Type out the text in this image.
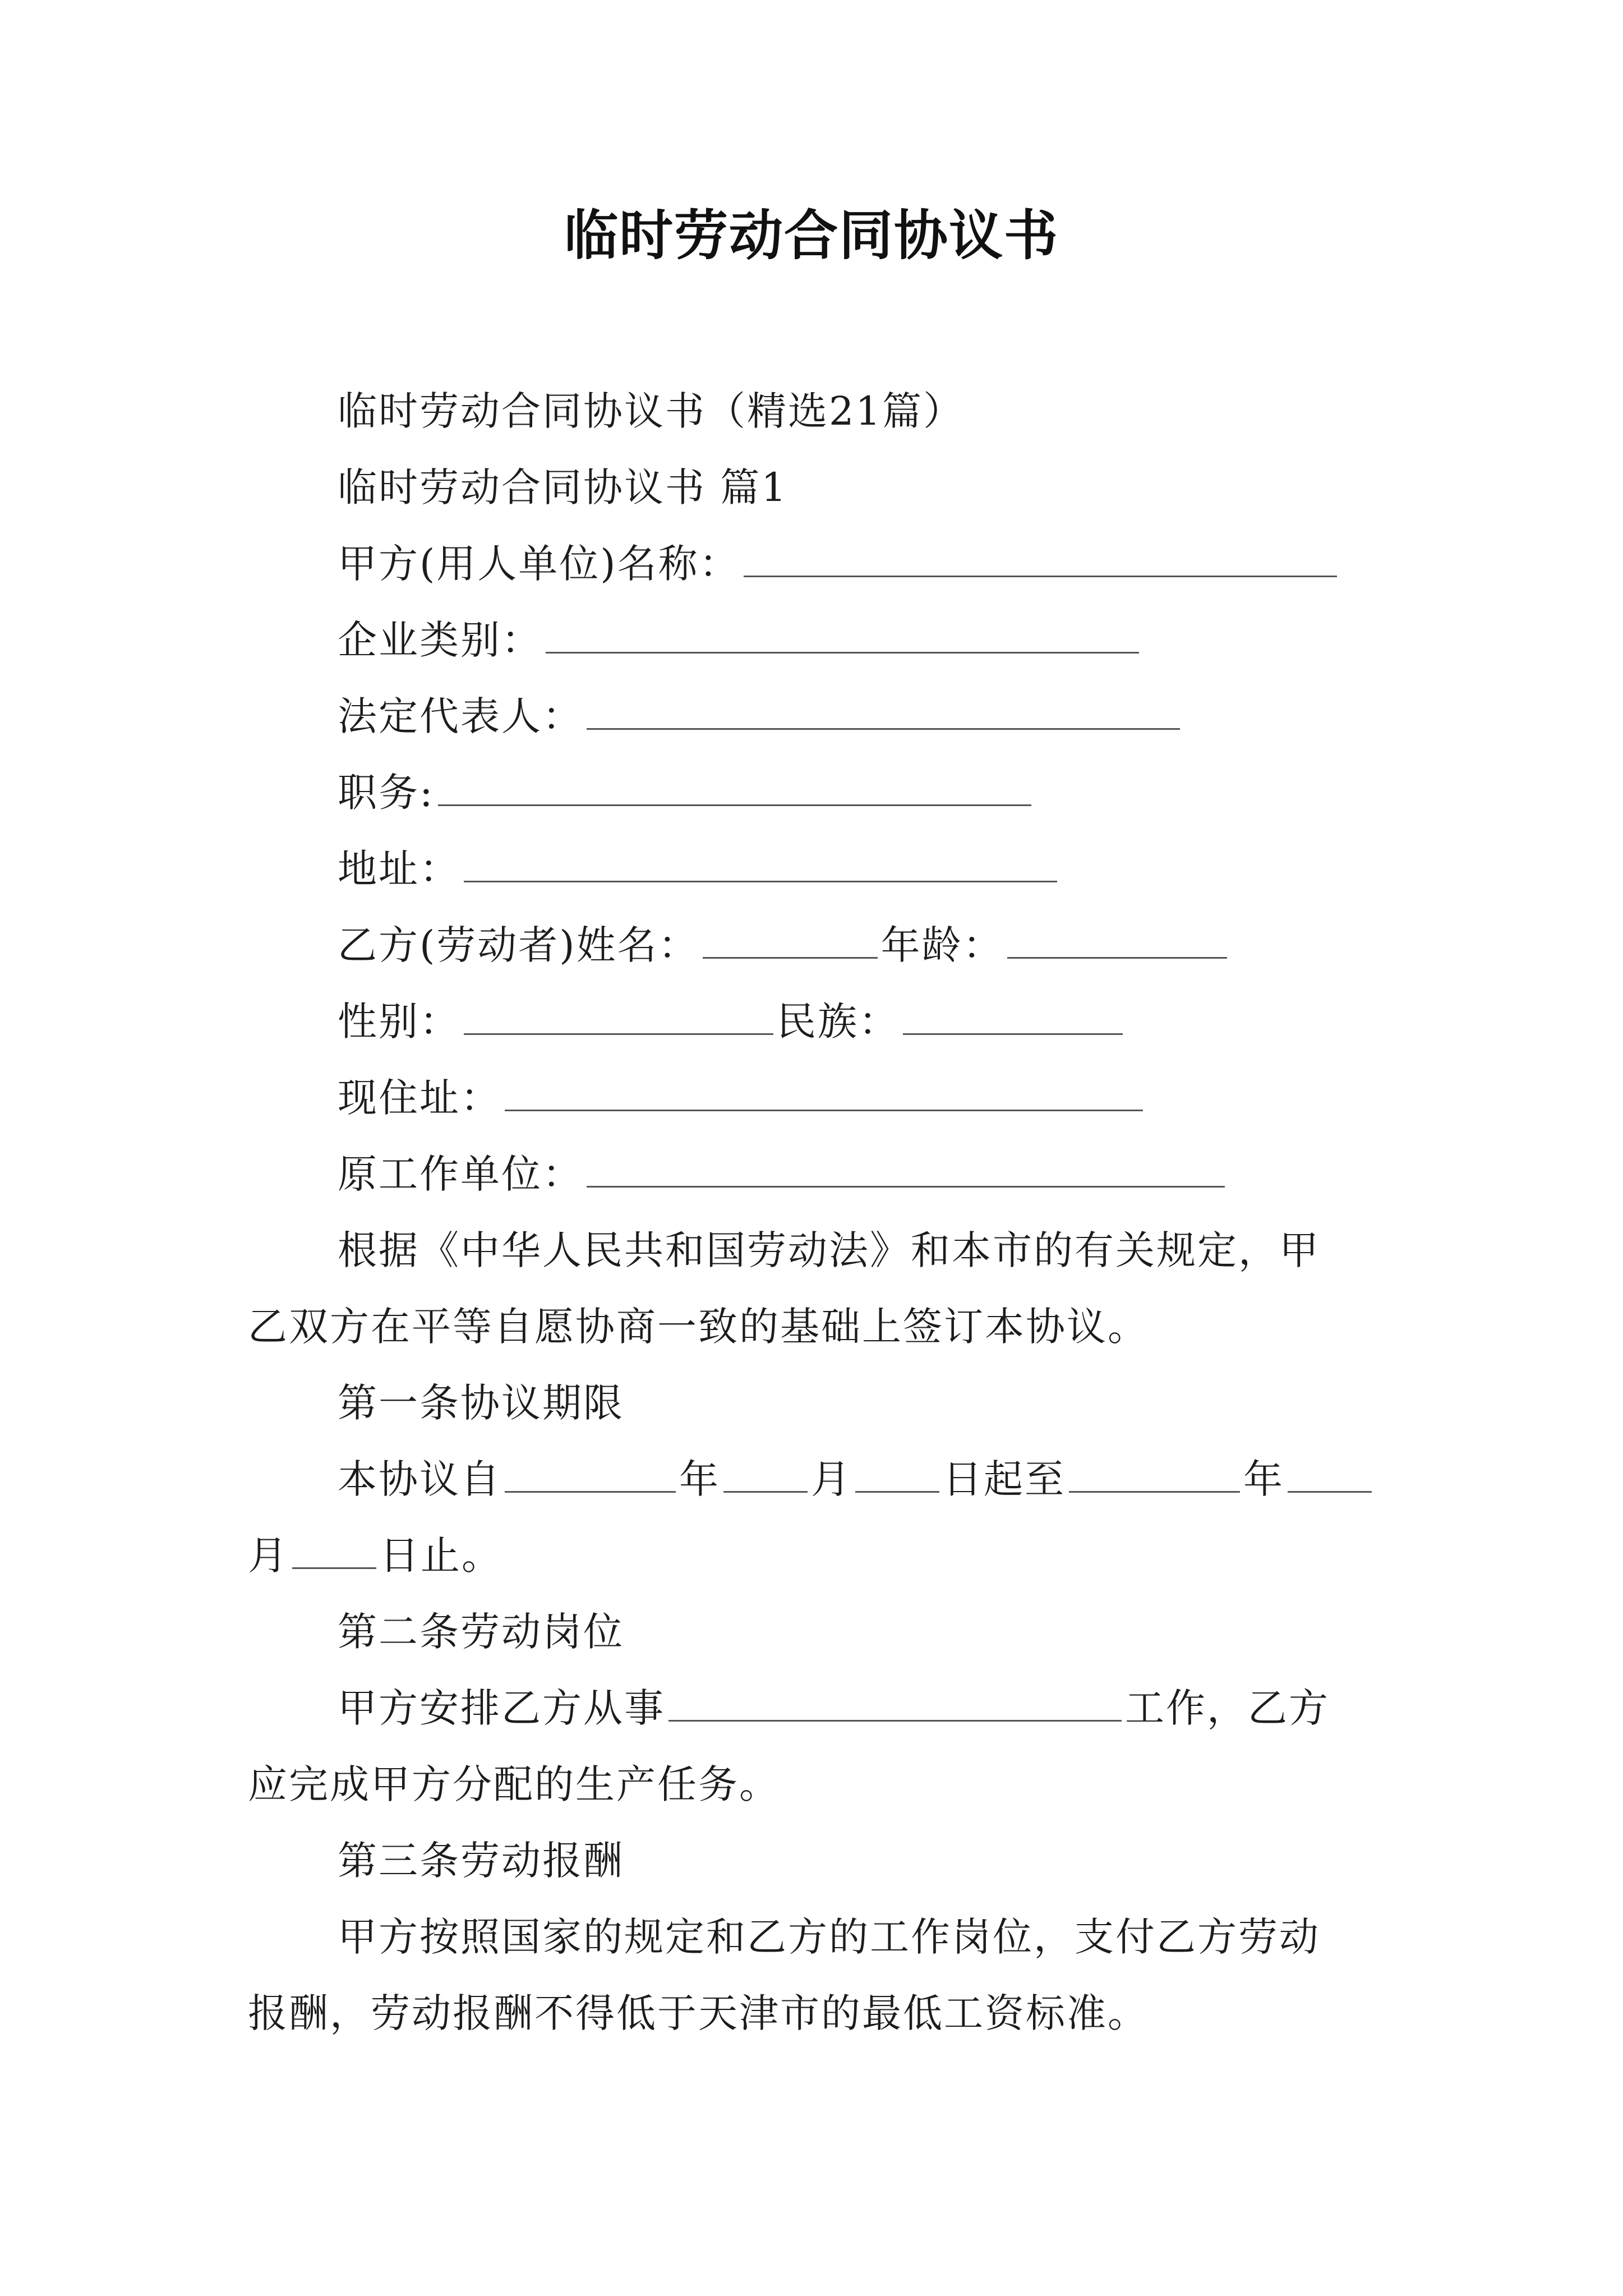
临时劳动合同协议书
临时劳动合同协议书（精选21篇）
临时劳动合同协议书 篇1
甲方(用人单位)名称：
企业类别：
法定代表人：
职务:
地址：
乙方(劳动者)姓名：	年龄：
性别：	民族：
现住址：
原工作单位：
根据《中华人民共和国劳动法》和本市的有关规定，甲
乙双方在平等自愿协商一致的基础上签订本协议。
第一条协议期限
本协议自	年 月 日起至	年
月 日止。
第二条劳动岗位
甲方安排乙方从事	工作，乙方
应完成甲方分配的生产任务。
第三条劳动报酬
甲方按照国家的规定和乙方的工作岗位，支付乙方劳动
报酬，劳动报酬不得低于天津市的最低工资标准。
